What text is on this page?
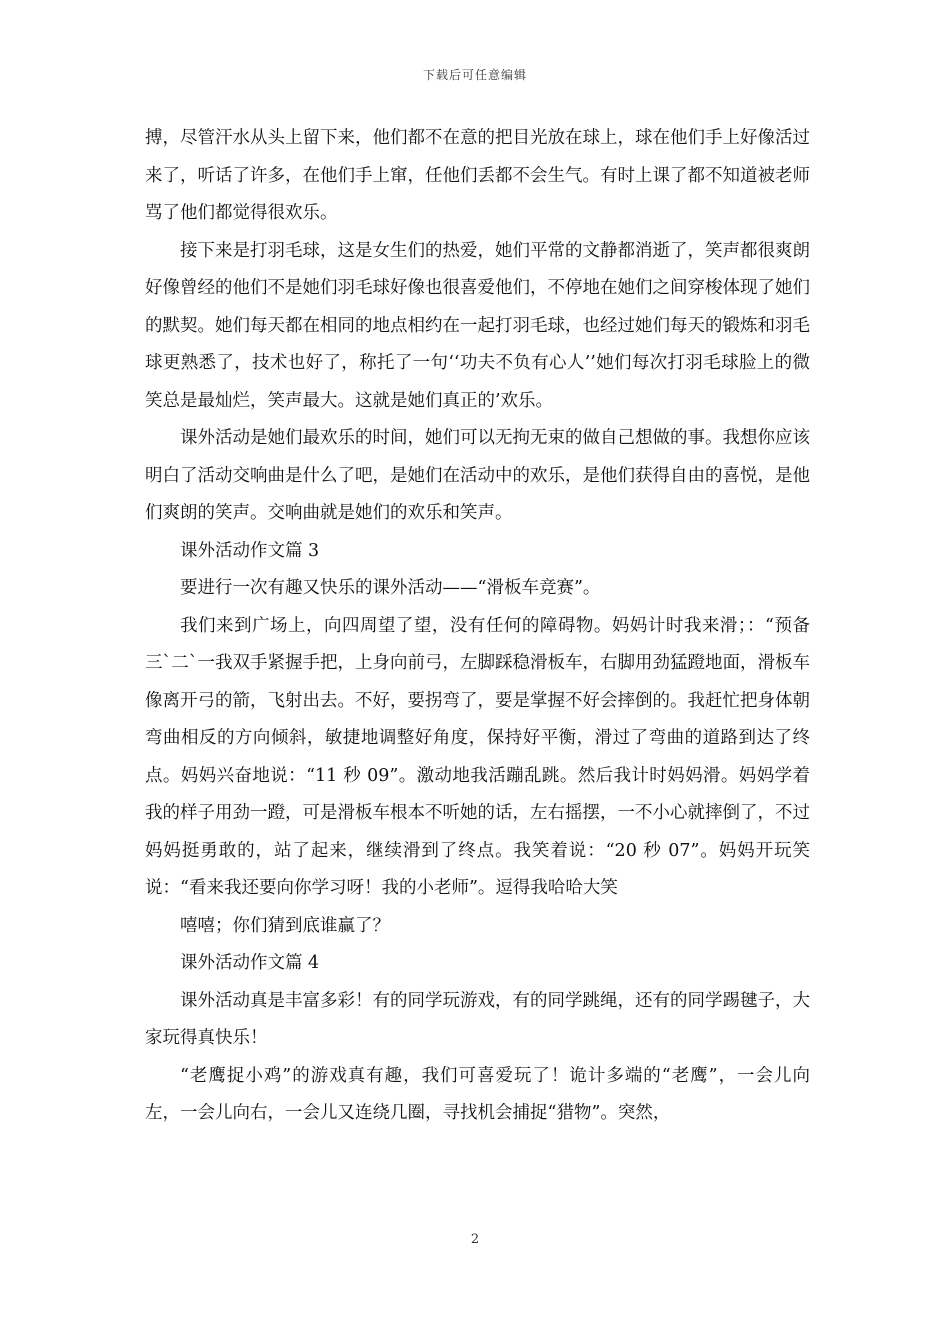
下载后可任意编辑

搏，尽管汗水从头上留下来，他们都不在意的把目光放在球上，球在他们手上好像活过来了，听话了许多，在他们手上窜，任他们丢都不会生气。有时上课了都不知道被老师骂了他们都觉得很欢乐。

接下来是打羽毛球，这是女生们的热爱，她们平常的文静都消逝了，笑声都很爽朗好像曾经的他们不是她们羽毛球好像也很喜爱他们，不停地在她们之间穿梭体现了她们的默契。她们每天都在相同的地点相约在一起打羽毛球，也经过她们每天的锻炼和羽毛球更熟悉了，技术也好了，称托了一句‘‘功夫不负有心人’’她们每次打羽毛球脸上的微笑总是最灿烂，笑声最大。这就是她们真正的’欢乐。

课外活动是她们最欢乐的时间，她们可以无拘无束的做自己想做的事。我想你应该明白了活动交响曲是什么了吧，是她们在活动中的欢乐，是他们获得自由的喜悦，是他们爽朗的笑声。交响曲就是她们的欢乐和笑声。

课外活动作文篇 3

要进行一次有趣又快乐的课外活动——“滑板车竞赛”。

我们来到广场上，向四周望了望，没有任何的障碍物。妈妈计时我来滑；：“预备三`二`一我双手紧握手把，上身向前弓，左脚踩稳滑板车，右脚用劲猛蹬地面，滑板车像离开弓的箭，飞射出去。不好，要拐弯了，要是掌握不好会摔倒的。我赶忙把身体朝弯曲相反的方向倾斜，敏捷地调整好角度，保持好平衡，滑过了弯曲的道路到达了终点。妈妈兴奋地说：“11 秒 09”。激动地我活蹦乱跳。然后我计时妈妈滑。妈妈学着我的样子用劲一蹬，可是滑板车根本不听她的话，左右摇摆，一不小心就摔倒了，不过妈妈挺勇敢的，站了起来，继续滑到了终点。我笑着说：“20 秒 07”。妈妈开玩笑说：“看来我还要向你学习呀！我的小老师”。逗得我哈哈大笑

嘻嘻；你们猜到底谁赢了？

课外活动作文篇 4

课外活动真是丰富多彩！有的同学玩游戏，有的同学跳绳，还有的同学踢毽子，大家玩得真快乐！

“老鹰捉小鸡”的游戏真有趣，我们可喜爱玩了！诡计多端的“老鹰”，一会儿向左，一会儿向右，一会儿又连绕几圈，寻找机会捕捉“猎物”。突然，

2
